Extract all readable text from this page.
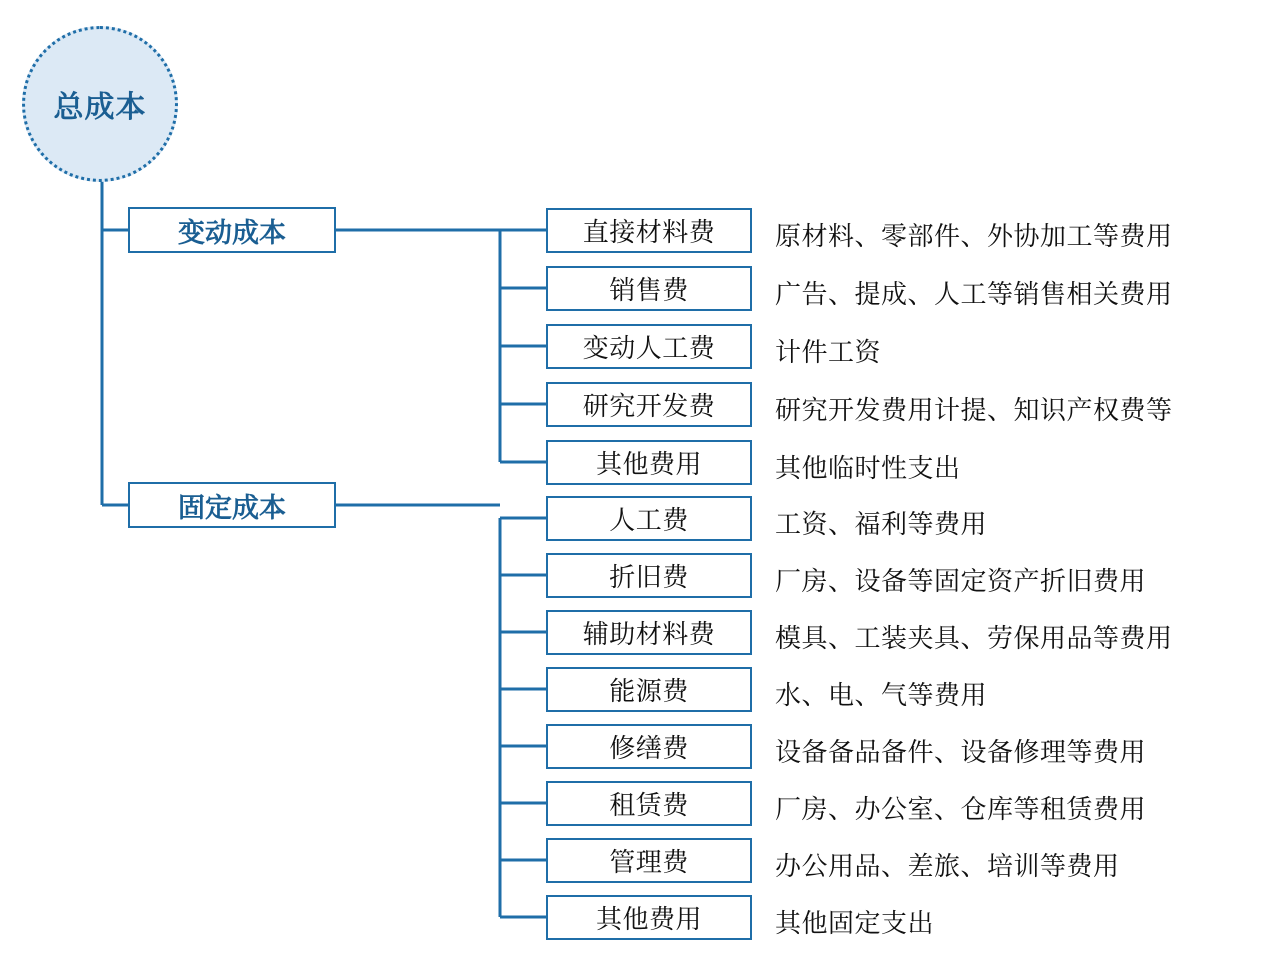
总成本
变动成本
固定成本
直接材料费 原材料、零部件、外协加工等费用
销售费	广告、提成、人工等销售相关费用
变动人工费 计件工资
研究开发费 研究开发费用计提、知识产权费等
其他费用	其他临时性支出
人工费	工资、福利等费用
折旧费	厂房、设备等固定资产折旧费用
辅助材料费 模具、工装夹具、劳保用品等费用
能源费	水、电、气等费用
修缮费	设备备品备件、设备修理等费用
租赁费	厂房、办公室、仓库等租赁费用
管理费	办公用品、差旅、培训等费用
其他费用	其他固定支出
